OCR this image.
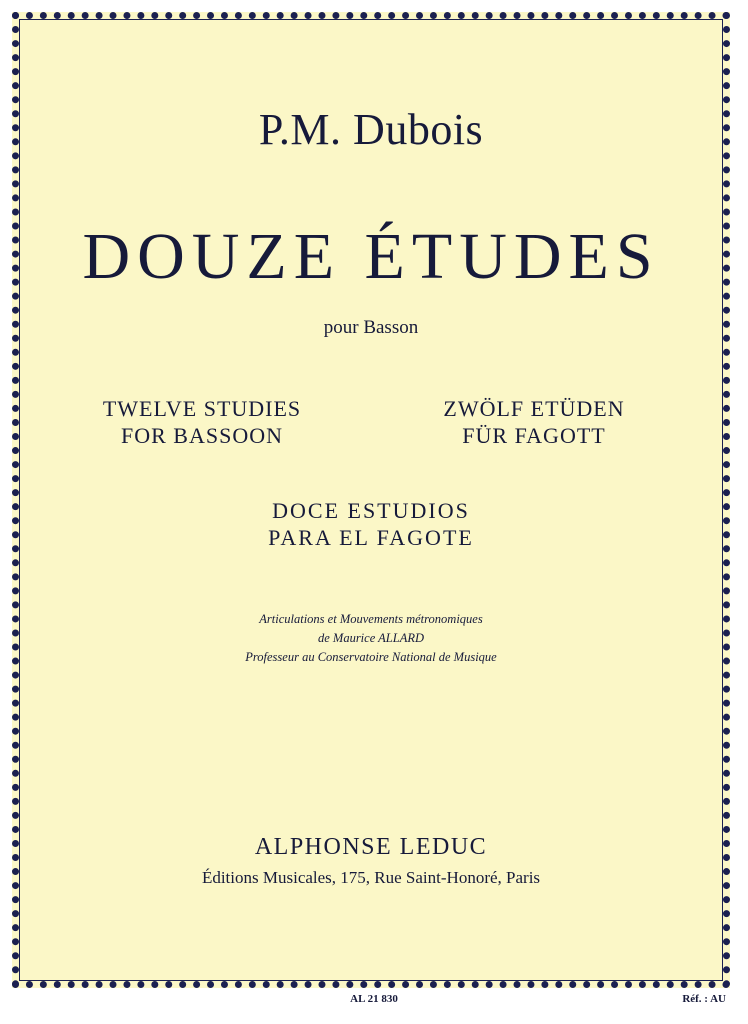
P.M. Dubois
DOUZE ÉTUDES
pour Basson
TWELVE STUDIES
FOR BASSOON
ZWÖLF ETÜDEN
FÜR FAGOTT
DOCE ESTUDIOS
PARA EL FAGOTE
Articulations et Mouvements métronomiques
de Maurice ALLARD
Professeur au Conservatoire National de Musique
ALPHONSE LEDUC
Éditions Musicales, 175, Rue Saint-Honoré, Paris
AL 21 830	Réf. : AU
